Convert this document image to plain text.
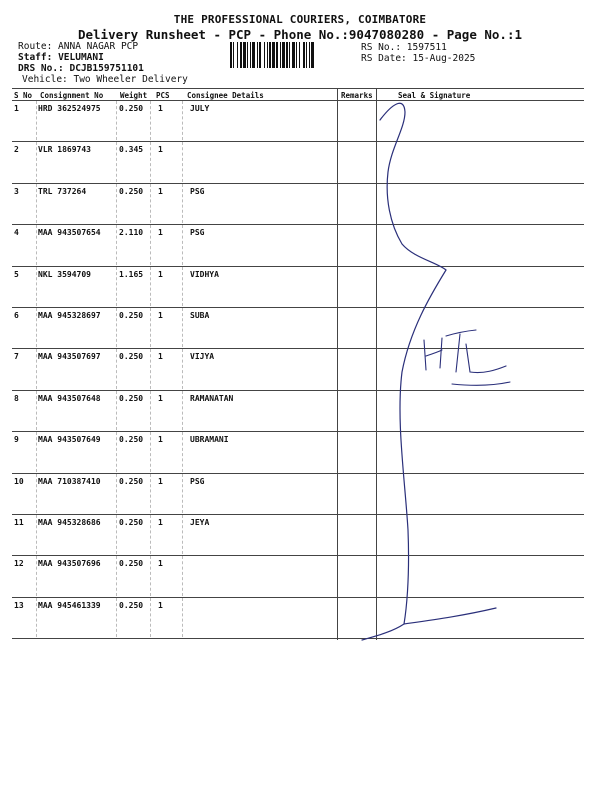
THE PROFESSIONAL COURIERS, COIMBATORE
Delivery Runsheet - PCP - Phone No.:9047080280 - Page No.:1
Route: ANNA NAGAR PCP
Staff: VELUMANI
DRS No.: DCJB159751101
Vehicle: Two Wheeler Delivery
RS No.: 1597511
RS Date: 15-Aug-2025
S No Consignment No Weight PCS Consignee Details	Remarks	Seal & Signature
1 HRD 362524975 0.250 1	JULY
2 VLR 1869743	0.345 1
3 TRL 737264	0.250 1	PSG
4 MAA 943507654 2.110 1	PSG
5 NKL 3594709	1.165 1	VIDHYA
6 MAA 945328697 0.250 1	SUBA
7 MAA 943507697 0.250 1	VIJYA
8 MAA 943507648 0.250 1	RAMANATAN
9 MAA 943507649 0.250 1	UBRAMANI
10 MAA 710387410 0.250 1	PSG
11 MAA 945328686 0.250 1	JEYA
12 MAA 943507696 0.250 1
13 MAA 945461339 0.250 1
